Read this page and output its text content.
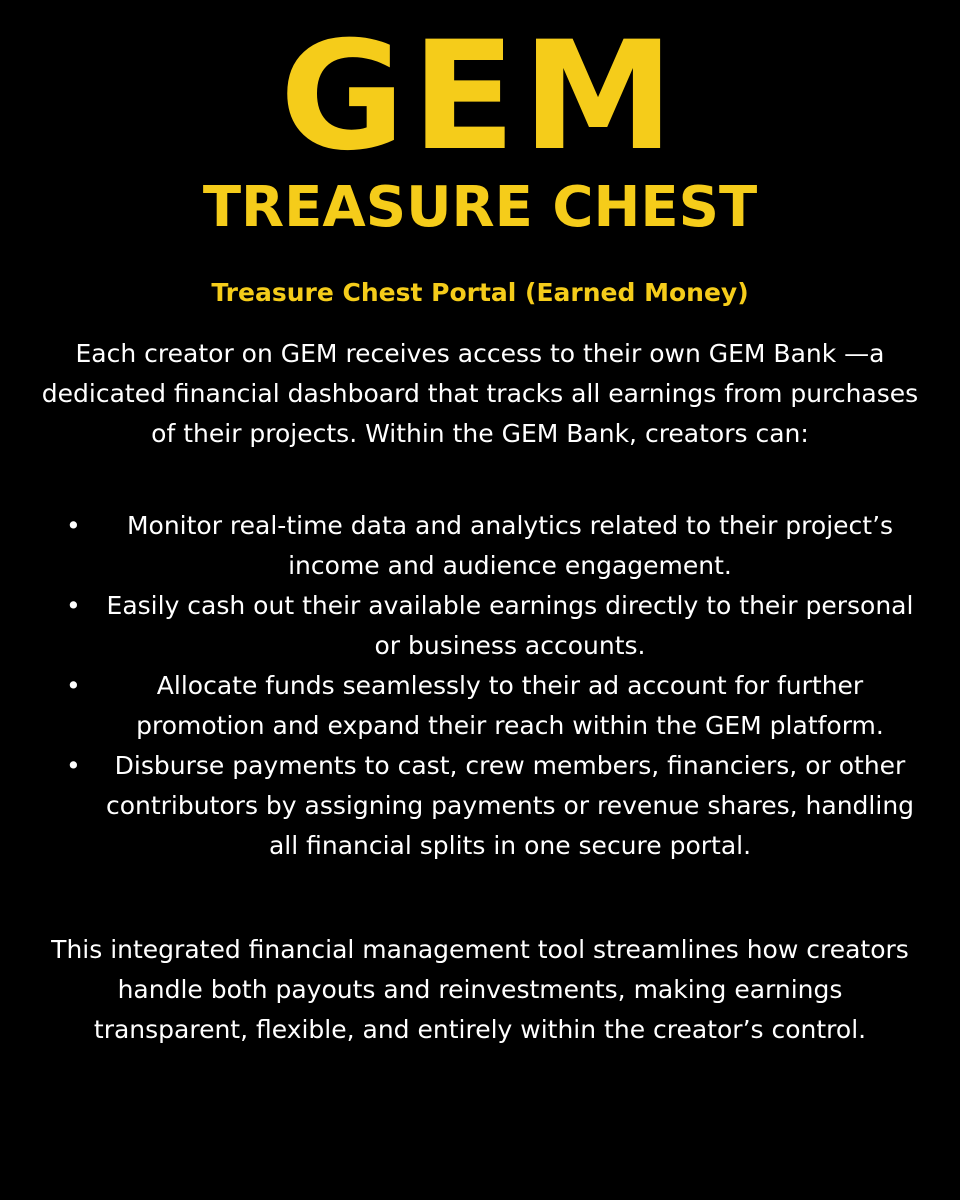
GEM
TREASURE CHEST
Treasure Chest Portal (Earned Money)
Each creator on GEM receives access to their own GEM Bank —a dedicated financial dashboard that tracks all earnings from purchases of their projects. Within the GEM Bank, creators can:
• Monitor real-time data and analytics related to their project’s income and audience engagement.
• Easily cash out their available earnings directly to their personal or business accounts.
•	Allocate funds seamlessly to their ad account for further promotion and expand their reach within the GEM platform.
• Disburse payments to cast, crew members, financiers, or other contributors by assigning payments or revenue shares, handling all financial splits in one secure portal.
This integrated financial management tool streamlines how creators handle both payouts and reinvestments, making earnings transparent, flexible, and entirely within the creator’s control.
